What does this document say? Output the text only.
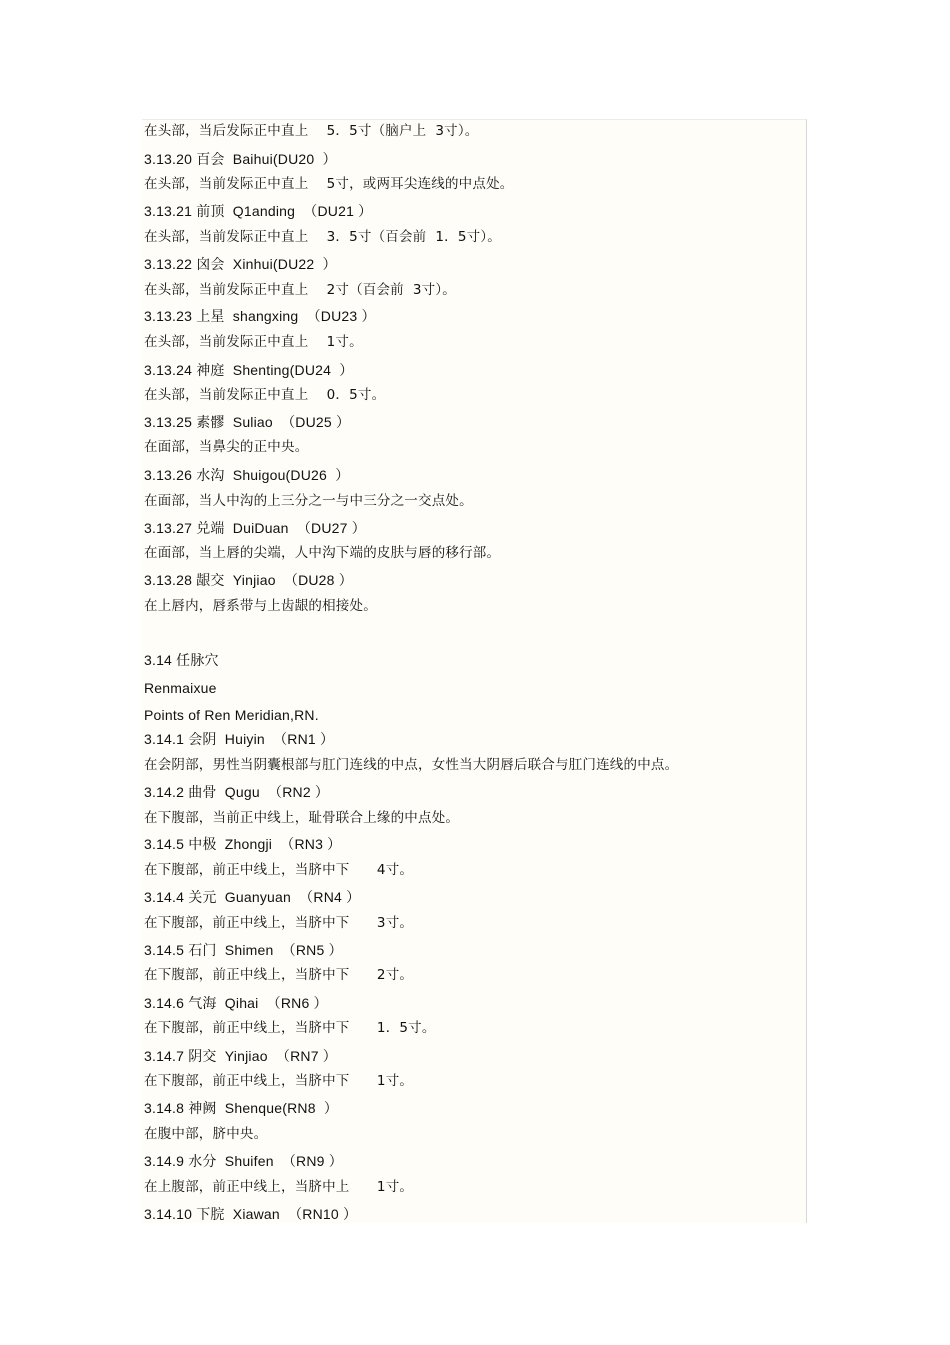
在头部，当后发际正中直上　 5．5寸（脑户上  3寸）。
3.13.20 百会  Baihui(DU20  ）
在头部，当前发际正中直上　 5寸，或两耳尖连线的中点处。
3.13.21 前顶  Q1anding  （DU21 ）
在头部，当前发际正中直上　 3．5寸（百会前  1．5寸）。
3.13.22 囟会  Xinhui(DU22  ）
在头部，当前发际正中直上　 2寸（百会前  3寸）。
3.13.23 上星  shangxing  （DU23 ）
在头部，当前发际正中直上　 1寸。
3.13.24 神庭  Shenting(DU24  ）
在头部，当前发际正中直上　 0．5寸。
3.13.25 素髎  Suliao  （DU25 ）
在面部，当鼻尖的正中央。
3.13.26 水沟  Shuigou(DU26  ）
在面部，当人中沟的上三分之一与中三分之一交点处。
3.13.27 兑端  DuiDuan  （DU27 ）
在面部，当上唇的尖端，人中沟下端的皮肤与唇的移行部。
3.13.28 龈交  Yinjiao  （DU28 ）
在上唇内，唇系带与上齿龈的相接处。
3.14 任脉穴
Renmaixue
Points of Ren Meridian,RN.
3.14.1 会阴  Huiyin  （RN1 ）
在会阴部，男性当阴囊根部与肛门连线的中点，女性当大阴唇后联合与肛门连线的中点。
3.14.2 曲骨  Qugu  （RN2 ）
在下腹部，当前正中线上，耻骨联合上缘的中点处。
3.14.5 中极  Zhongji  （RN3 ）
在下腹部，前正中线上，当脐中下　　4寸。
3.14.4 关元  Guanyuan  （RN4 ）
在下腹部，前正中线上，当脐中下　　3寸。
3.14.5 石门  Shimen  （RN5 ）
在下腹部，前正中线上，当脐中下　　2寸。
3.14.6 气海  Qihai  （RN6 ）
在下腹部，前正中线上，当脐中下　　1．5寸。
3.14.7 阴交  Yinjiao  （RN7 ）
在下腹部，前正中线上，当脐中下　　1寸。
3.14.8 神阙  Shenque(RN8  ）
在腹中部，脐中央。
3.14.9 水分  Shuifen  （RN9 ）
在上腹部，前正中线上，当脐中上　　1寸。
3.14.10 下脘  Xiawan  （RN10 ）
